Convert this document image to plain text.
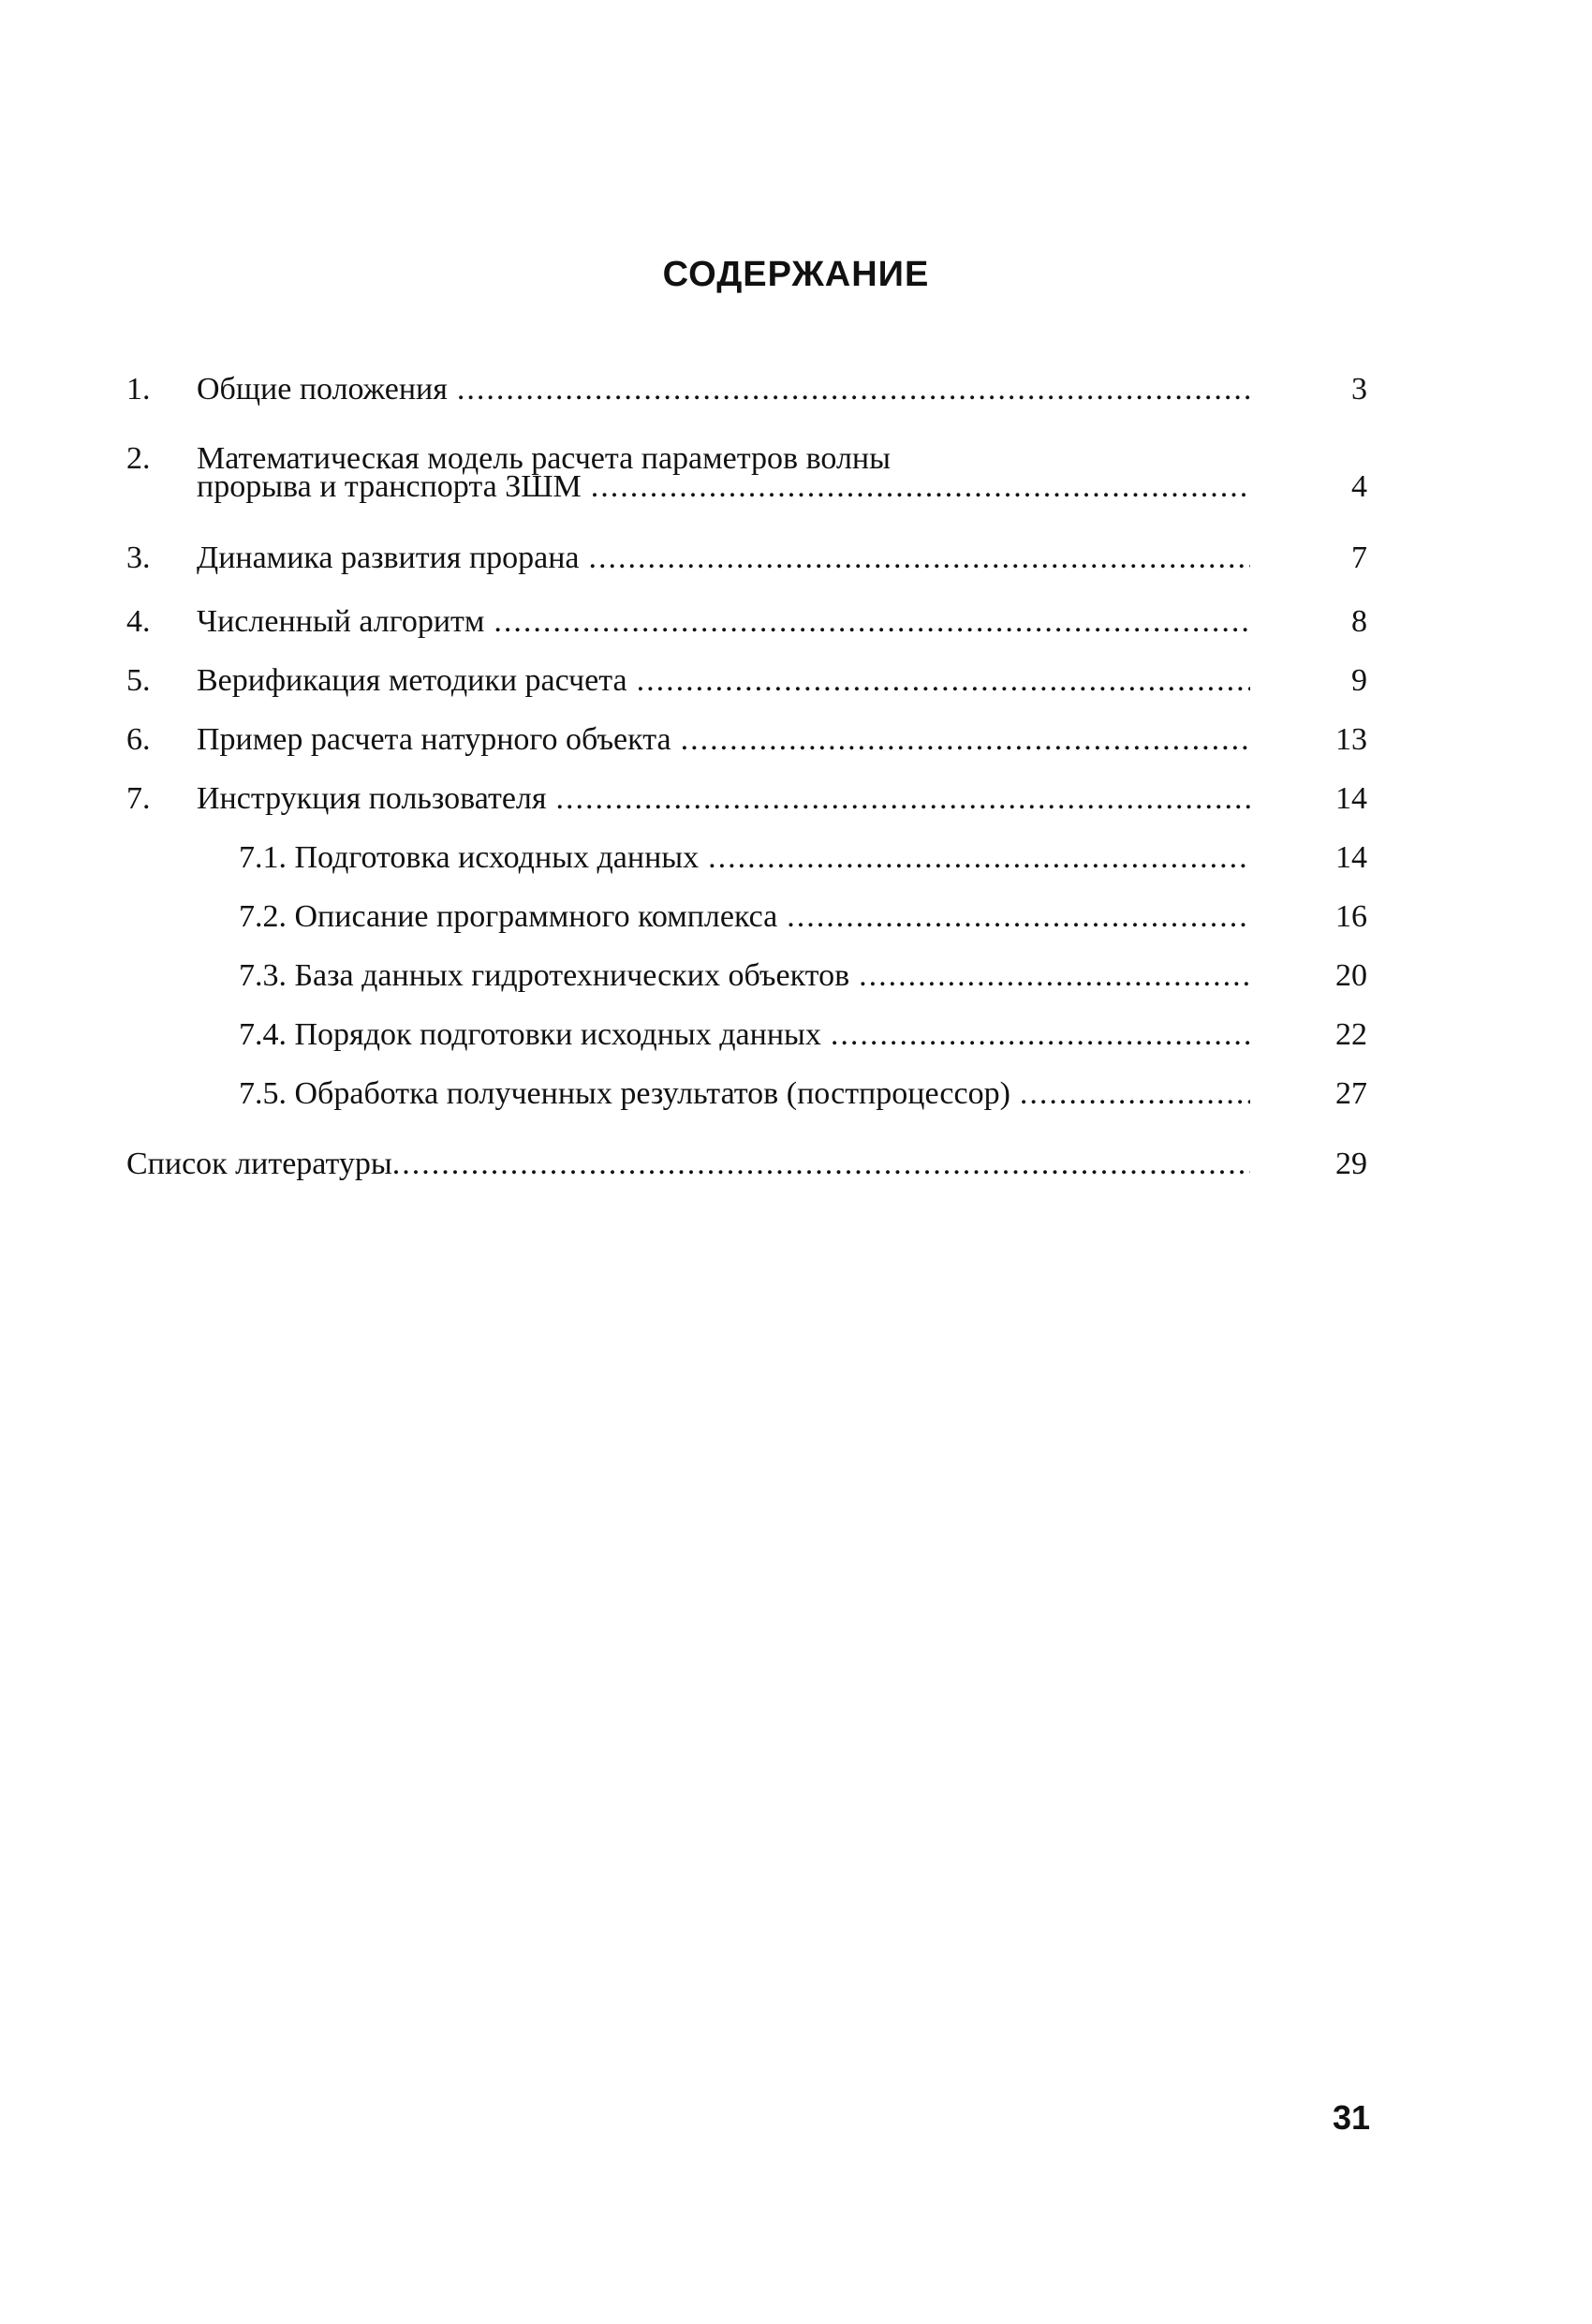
СОДЕРЖАНИЕ
1. Общие положения .....	3
2. Математическая модель расчета параметров волны
прорыва и транспорта ЗШМ .....	4
3. Динамика развития прорана .....	7
4. Численный алгоритм .....	8
5. Верификация методики расчета .....	9
6. Пример расчета натурного объекта .....	13
7. Инструкция пользователя .....	14
7.1. Подготовка исходных данных .....	14
7.2. Описание программного комплекса .....	16
7.3. База данных гидротехнических объектов .....	20
7.4. Порядок подготовки исходных данных .....	22
7.5. Обработка полученных результатов (постпроцессор) .....	27
Список литературы .....	29
31
